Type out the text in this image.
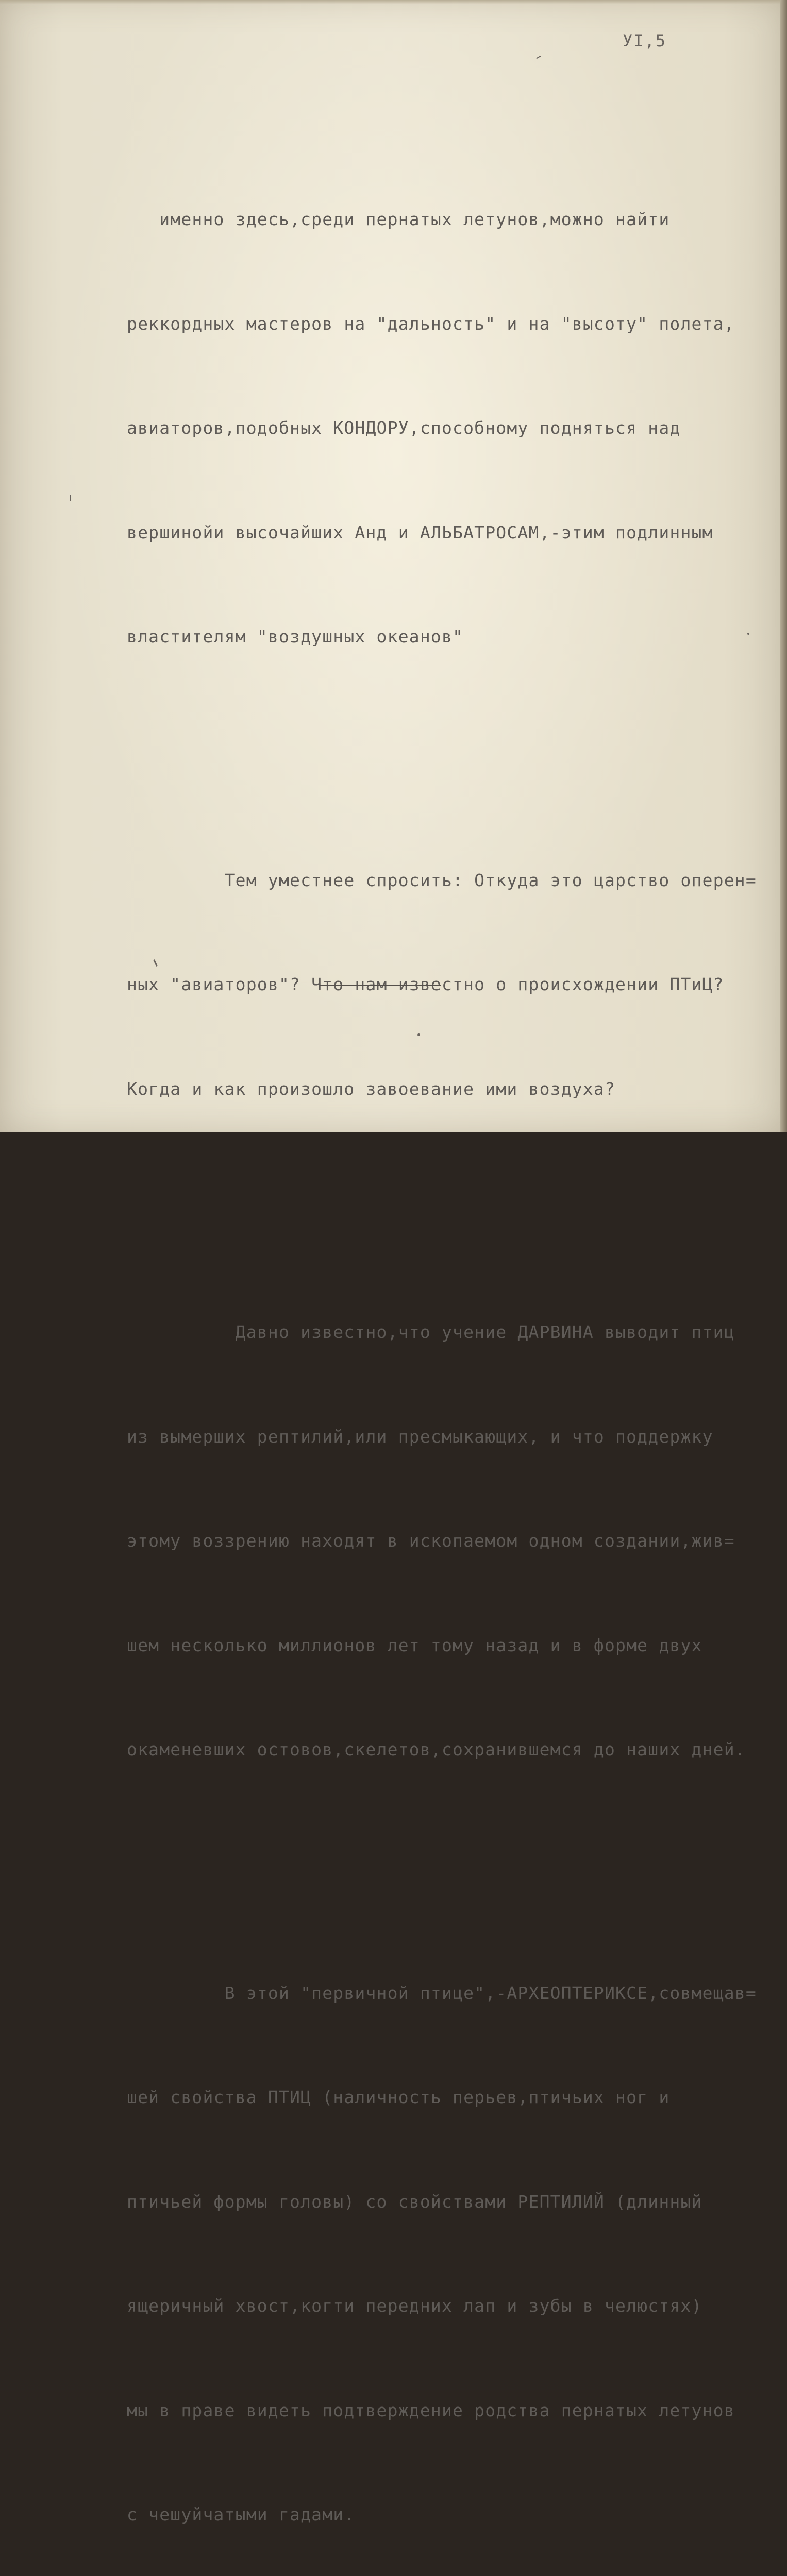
УI,5

именно здесь,среди пернатых летунов,можно найти

реккордных мастеров на "дальность" и на "высоту" полета,

авиаторов,подобных КОНДОРУ,способному подняться над

вершинойи высочайших Анд и АЛЬБАТРОСАМ,-этим подлинным

властителям "воздушных океанов"

Тем уместнее спросить: Откуда это царство оперен=

ных "авиаторов"? Что нам известно о происхождении ПТиЦ?

Когда и как произошло завоевание ими воздуха?

Давно известно,что учение ДАРВИНА выводит птиц

из вымерших рептилий,или пресмыкающих, и что поддержку

этому воззрению находят в ископаемом одном создании,жив=

шем несколько миллионов лет тому назад и в форме двух

окаменевших остовов,скелетов,сохранившемся до наших дней.

В этой "первичной птице",-АРХЕОПТЕРИКСЕ,совмещав=

шей свойства ПТИЦ (наличность перьев,птичьих ног и

птичьей формы головы) со свойствами РЕПТИЛИЙ (длинный

ящеричный хвост,когти передних лап и зубы в челюстях)

мы в праве видеть подтверждение родства пернатых летунов

с чешуйчатыми гадами.
